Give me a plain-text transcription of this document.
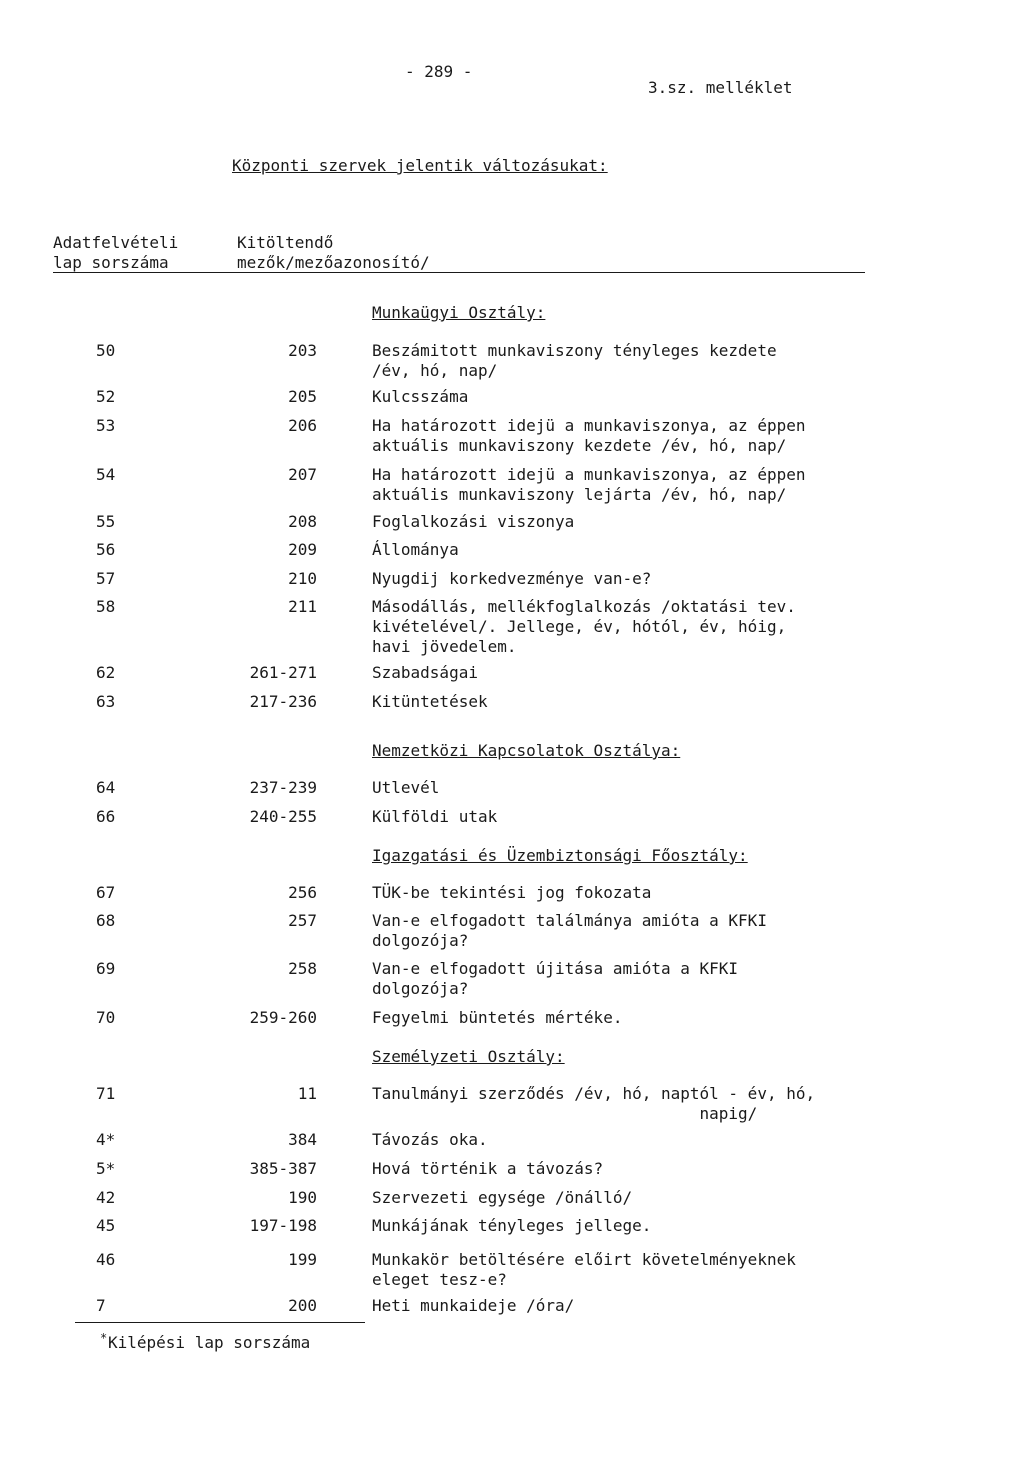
- 289 -
3.sz. melléklet
Központi szervek jelentik változásukat:
Adatfelvételi	Kitöltendő
lap sorszáma	mezők/mezőazonosító/
Munkaügyi Osztály:
50	203	Beszámitott munkaviszony tényleges kezdete
/év, hó, nap/
52	205	Kulcsszáma
53	206	Ha határozott idejü a munkaviszonya, az éppen
aktuális munkaviszony kezdete /év, hó, nap/
54	207	Ha határozott idejü a munkaviszonya, az éppen
aktuális munkaviszony lejárta /év, hó, nap/
55	208	Foglalkozási viszonya
56	209	Állománya
57	210	Nyugdij korkedvezménye van-e?
58	211	Másodállás, mellékfoglalkozás /oktatási tev.
kivételével/. Jellege, év, hótól, év, hóig,
havi jövedelem.
62	261-271	Szabadságai
63	217-236	Kitüntetések
Nemzetközi Kapcsolatok Osztálya:
64	237-239	Utlevél
66	240-255	Külföldi utak
Igazgatási és Üzembiztonsági Főosztály:
67	256	TÜK-be tekintési jog fokozata
68	257	Van-e elfogadott találmánya amióta a KFKI
dolgozója?
69	258	Van-e elfogadott újitása amióta a KFKI
dolgozója?
70	259-260	Fegyelmi büntetés mértéke.
Személyzeti Osztály:
71	11	Tanulmányi szerződés /év, hó, naptól - év, hó,
napig/
4*	384	Távozás oka.
5*	385-387	Hová történik a távozás?
42	190	Szervezeti egysége /önálló/
45	197-198	Munkájának tényleges jellege.
46	199	Munkakör betöltésére előirt követelményeknek
eleget tesz-e?
7	200	Heti munkaideje /óra/
* Kilépési lap sorszáma
